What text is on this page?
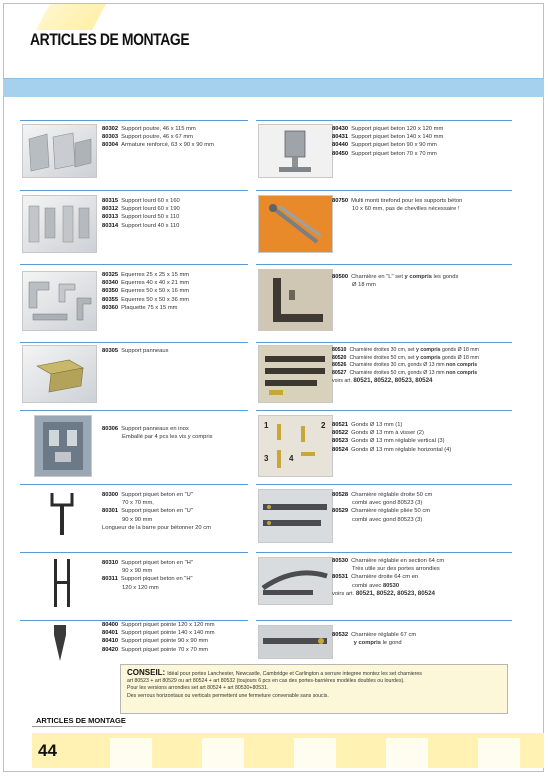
ARTICLES DE MONTAGE
80302 Support poutre, 46 x 115 mm
80303 Support poutre, 46 x 67 mm
80304 Armature renforcé, 63 x 90 x 90 mm
80430 Support piquet beton 120 x 120 mm
80431 Support piquet beton 140 x 140 mm
80440 Support piquet beton 90 x 90 mm
80450 Support piquet beton 70 x 70 mm
80315 Support lourd 60 x 160
80312 Support lourd 60 x 190
80313 Support lourd 50 x 110
80314 Support lourd 40 x 110
80750 Multi monti tirefond pour les supports béton
10 x 60 mm, pas de chevilles nécessaire !
80325 Equerres 25 x 25 x 15 mm
80340 Equerres 40 x 40 x 21 mm
80350 Equerres 50 x 50 x 16 mm
80355 Equerres 50 x 50 x 36 mm
80360 Plaquette 75 x 15 mm
80500 Charnière en "L" set y compris les gonds
Ø 18 mm
80305 Support panneaux	80510 Charnière droites 30 cm, set y compris gonds Ø 18 mm
80520 Charnière droites 50 cm, set y compris gonds Ø 18 mm
80526 Charnière droites 30 cm, gonds Ø 13 mm non compris
80527 Charnière droites 50 cm, gonds Ø 13 mm non compris
voirs art. 80521, 80522, 80523, 80524
80306 Support panneaux en inox
Emballé par 4 pcs les vis y compris
1	2
3	4
80521 Gonds Ø 13 mm (1)
80522 Gonds Ø 13 mm à visser (2)
80523 Gonds Ø 13 mm réglable vertical (3)
80524 Gonds Ø 13 mm réglable horizontal (4)
80300 Support piquet beton en "U"
70 x 70 mm,
80301 Support piquet beton en "U"
90 x 90 mm
Longueur de la barre pour bétonner 20 cm
80528 Charnière réglable droite 50 cm
combi avec gond 80523 (3)
80529 Charnière réglable pliée 50 cm
combi avec gond 80523 (3)
80310 Support piquet beton en "H"
90 x 90 mm
80311 Support piquet beton en "H"
120 x 120 mm
80530 Charnière réglable en section 64 cm
Très utile sur des portes arrondies
80531 Charnière droite 64 cm en
combi avec 80530
voirs art. 80521, 80522, 80523, 80524
80400 Support piquet pointe 120 x 120 mm
80401 Support piquet pointe 140 x 140 mm
80410 Support piquet pointe 90 x 90 mm
80420 Support piquet pointe 70 x 70 mm
80532 Charnière réglable 67 cm
y compris le gond
CONSEIL: Idéal pour portes Lanchester, Newcastle, Cambridge et Carlington a serrure integree montez les set charnieres
art 80523 + art 80529 ou art 80524 + art 80532 (toujours 6 pcs en cas des portes-barrières modèles doubles ou lourdes).
Pour les versions arrondies set art 80524 + art 80530+80531.
Des verrous horizontaux ou verticals permettent une fermeture convenable sans soucis.
ARTICLES DE MONTAGE
44
